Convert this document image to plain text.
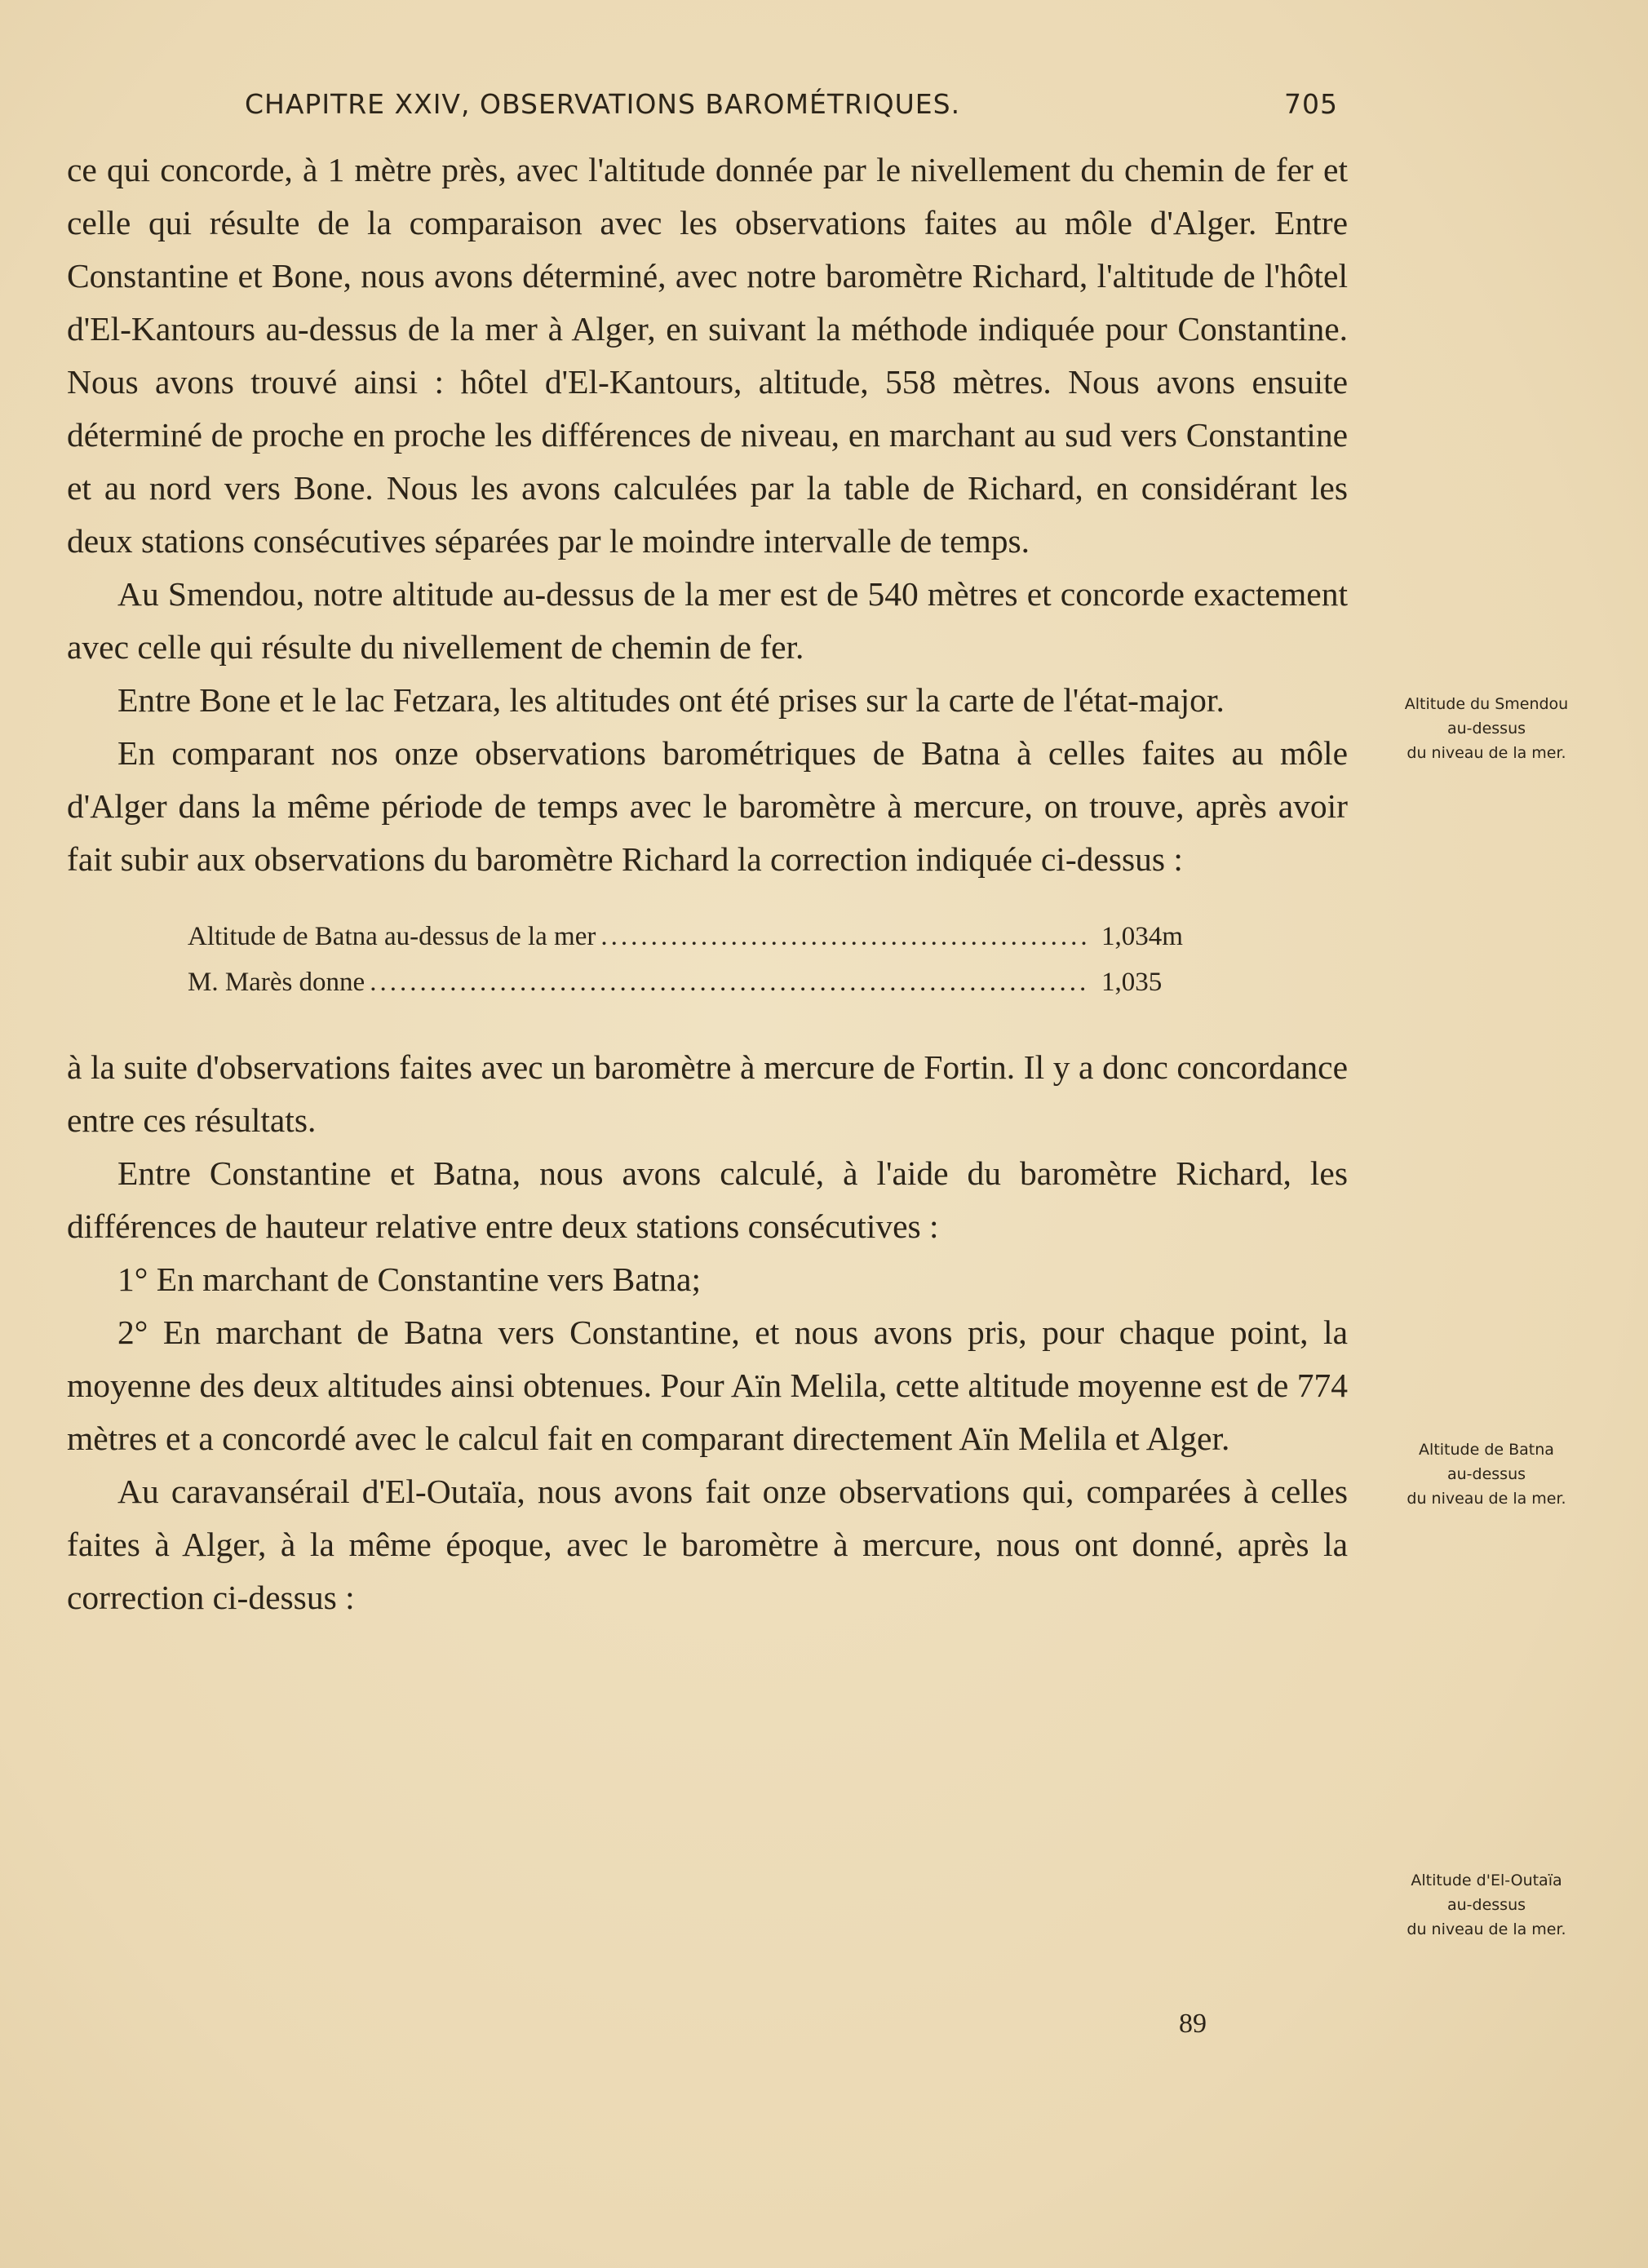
CHAPITRE XXIV, OBSERVATIONS BAROMÉTRIQUES.	705

ce qui concorde, à 1 mètre près, avec l'altitude donnée par le nivellement du chemin de fer et celle qui résulte de la comparaison avec les observations faites au môle d'Alger. Entre Constantine et Bone, nous avons déterminé, avec notre baromètre Richard, l'altitude de l'hôtel d'El-Kantours au-dessus de la mer à Alger, en suivant la méthode indiquée pour Constantine. Nous avons trouvé ainsi : hôtel d'El-Kantours, altitude, 558 mètres. Nous avons ensuite déterminé de proche en proche les différences de niveau, en marchant au sud vers Constantine et au nord vers Bone. Nous les avons calculées par la table de Richard, en considérant les deux stations consécutives séparées par le moindre intervalle de temps.

Au Smendou, notre altitude au-dessus de la mer est de 540 mètres et concorde exactement avec celle qui résulte du nivellement de chemin de fer.

Entre Bone et le lac Fetzara, les altitudes ont été prises sur la carte de l'état-major.

En comparant nos onze observations barométriques de Batna à celles faites au môle d'Alger dans la même période de temps avec le baromètre à mercure, on trouve, après avoir fait subir aux observations du baromètre Richard la correction indiquée ci-dessus :

Altitude de Batna au-dessus de la mer .....	1,034m
M. Marès donne .....	1,035

à la suite d'observations faites avec un baromètre à mercure de Fortin. Il y a donc concordance entre ces résultats.

Entre Constantine et Batna, nous avons calculé, à l'aide du baromètre Richard, les différences de hauteur relative entre deux stations consécutives :

1° En marchant de Constantine vers Batna;

2° En marchant de Batna vers Constantine, et nous avons pris, pour chaque point, la moyenne des deux altitudes ainsi obtenues. Pour Aïn Melila, cette altitude moyenne est de 774 mètres et a concordé avec le calcul fait en comparant directement Aïn Melila et Alger.

Au caravansérail d'El-Outaïa, nous avons fait onze observations qui, comparées à celles faites à Alger, à la même époque, avec le baromètre à mercure, nous ont donné, après la correction ci-dessus :

Altitude du Smendou
au-dessus
du niveau de la mer.
Altitude de Batna
au-dessus
du niveau de la mer.
Altitude d'El-Outaïa
au-dessus
du niveau de la mer.
89
